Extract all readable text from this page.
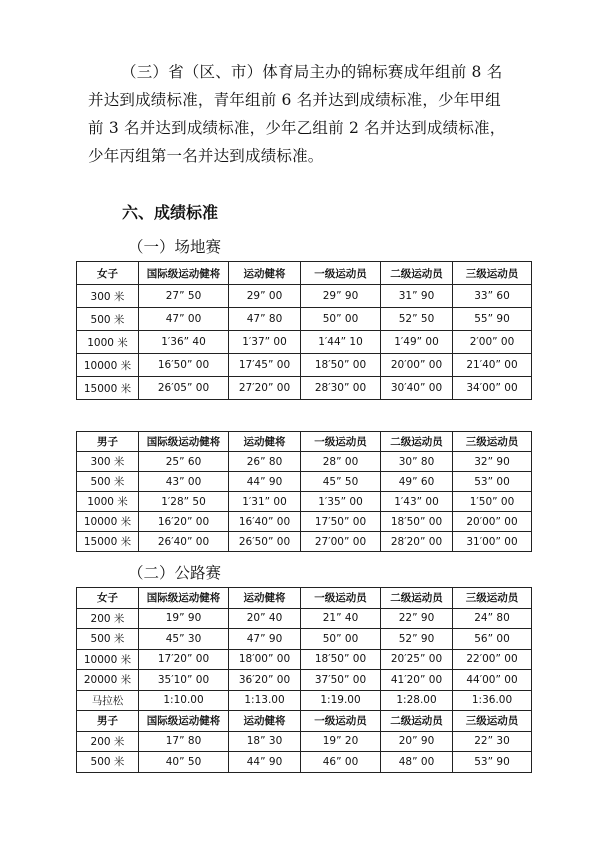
（三）省（区、市）体育局主办的锦标赛成年组前 8 名

并达到成绩标准，青年组前 6 名并达到成绩标准，少年甲组

前 3 名并达到成绩标准，少年乙组前 2 名并达到成绩标准，

少年丙组第一名并达到成绩标准。

六、成绩标准
（一）场地赛
女子	国际级运动健将	运动健将	一级运动员	二级运动员	三级运动员
300 米	27” 50	29” 00	29” 90	31” 90	33” 60
500 米	47” 00	47” 80	50” 00	52” 50	55” 90
1000 米	1′36” 40	1′37” 00	1′44” 10	1′49” 00	2′00” 00
10000 米	16′50” 00	17′45” 00	18′50” 00	20′00” 00	21′40” 00
15000 米	26′05” 00	27′20” 00	28′30” 00	30′40” 00	34′00” 00
男子	国际级运动健将	运动健将	一级运动员	二级运动员	三级运动员
300 米	25” 60	26” 80	28” 00	30” 80	32” 90
500 米	43” 00	44” 90	45” 50	49” 60	53” 00
1000 米	1′28” 50	1′31” 00	1′35” 00	1′43” 00	1′50” 00
10000 米	16′20” 00	16′40” 00	17′50” 00	18′50” 00	20′00” 00
15000 米	26′40” 00	26′50” 00	27′00” 00	28′20” 00	31′00” 00
（二）公路赛
女子	国际级运动健将	运动健将	一级运动员	二级运动员	三级运动员
200 米	19” 90	20” 40	21” 40	22” 90	24” 80
500 米	45” 30	47” 90	50” 00	52” 90	56” 00
10000 米	17′20” 00	18′00” 00	18′50” 00	20′25” 00	22′00” 00
20000 米	35′10” 00	36′20” 00	37′50” 00	41′20” 00	44′00” 00
马拉松	1:10.00	1:13.00	1:19.00	1:28.00	1:36.00
男子	国际级运动健将	运动健将	一级运动员	二级运动员	三级运动员
200 米	17” 80	18” 30	19” 20	20” 90	22” 30
500 米	40” 50	44” 90	46” 00	48” 00	53” 90
